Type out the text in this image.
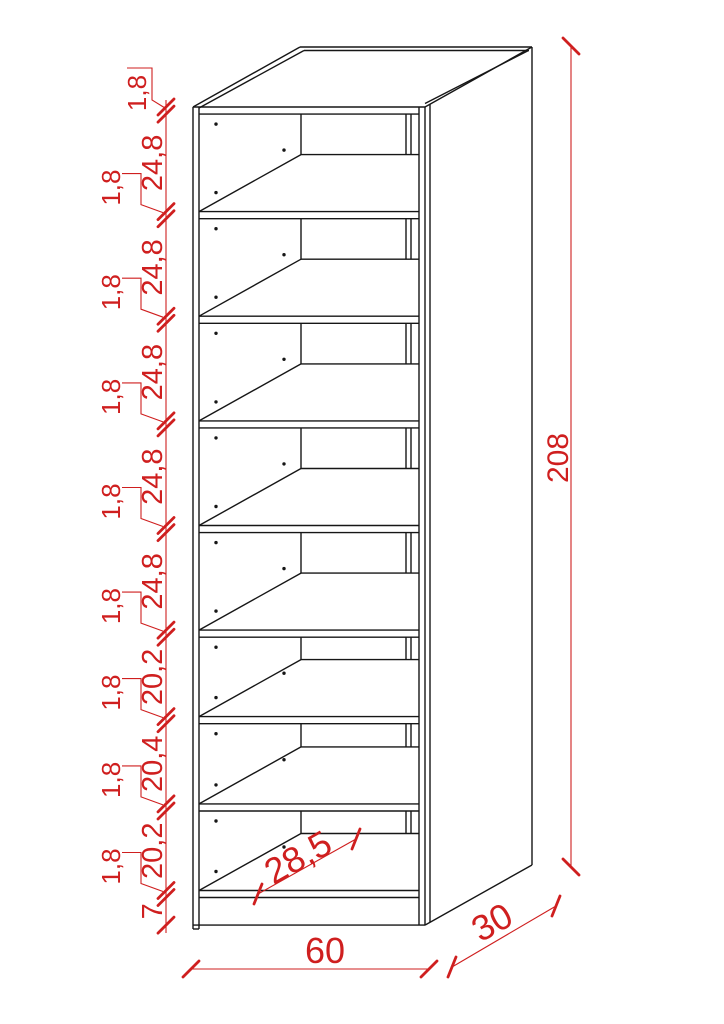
1,8
24,8
1,8
24,8
1,8
24,8
1,8
24,8
1,8
24,8
1,8
20,2
1,8
20,4
1,8
20,2
1,8
7
208
60
30
28,5
